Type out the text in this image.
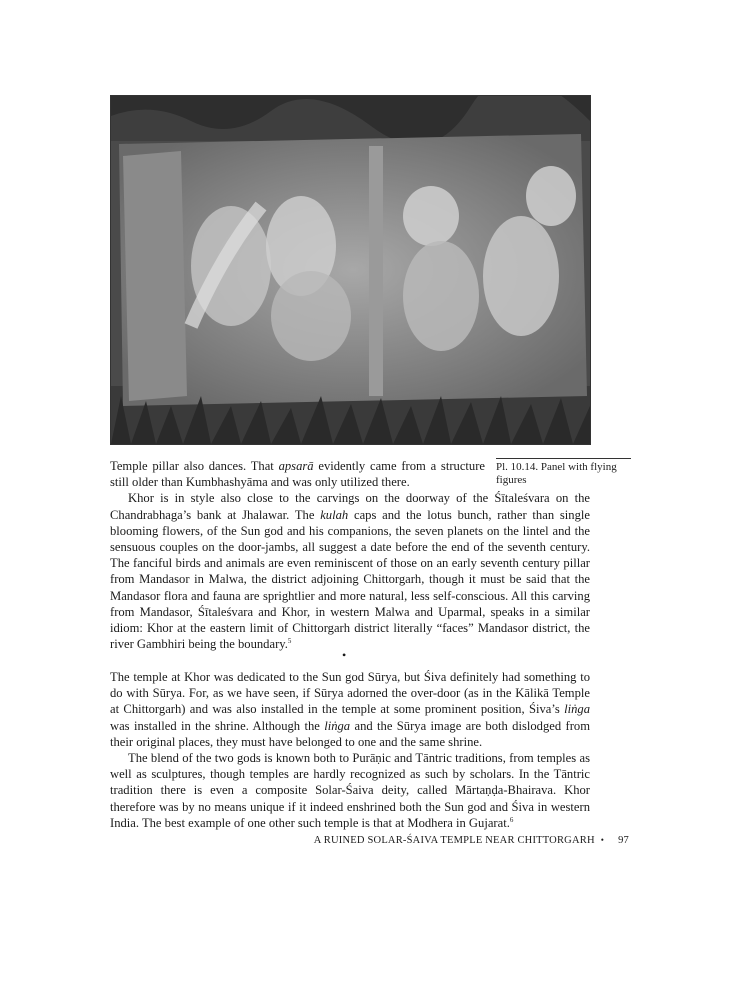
Pl. 10.14. Panel with flying figures

Temple pillar also dances. That apsarā evidently came from a structure still older than Kumbhashyāma and was only utilized there.

Khor is in style also close to the carvings on the doorway of the Śītaleśvara on the Chandrabhaga’s bank at Jhalawar. The kulah caps and the lotus bunch, rather than single blooming flowers, of the Sun god and his companions, the seven planets on the lintel and the sensuous couples on the door-jambs, all suggest a date before the end of the seventh century. The fanciful birds and animals are even reminiscent of those on an early seventh century pillar from Mandasor in Malwa, the district adjoining Chittorgarh, though it must be said that the Mandasor flora and fauna are sprightlier and more natural, less self-conscious. All this carving from Mandasor, Śītaleśvara and Khor, in western Malwa and Uparmal, speaks in a similar idiom: Khor at the eastern limit of Chittorgarh district literally “faces” Mandasor district, the river Gambhiri being the boundary.$^5$

•

The temple at Khor was dedicated to the Sun god Sūrya, but Śiva definitely had something to do with Sūrya. For, as we have seen, if Sūrya adorned the over-door (as in the Kālikā Temple at Chittorgarh) and was also installed in the temple at some prominent position, Śiva’s liṅga was installed in the shrine. Although the liṅga and the Sūrya image are both dislodged from their original places, they must have belonged to one and the same shrine.

The blend of the two gods is known both to Purāṇic and Tāntric traditions, from temples as well as sculptures, though temples are hardly recognized as such by scholars. In the Tāntric tradition there is even a composite Solar-Śaiva deity, called Mārtaṇḍa-Bhairava. Khor therefore was by no means unique if it indeed enshrined both the Sun god and Śiva in western India. The best example of one other such temple is that at Modhera in Gujarat.$^6$

A RUINED SOLAR-ŚAIVA TEMPLE NEAR CHITTORGARH • 97
